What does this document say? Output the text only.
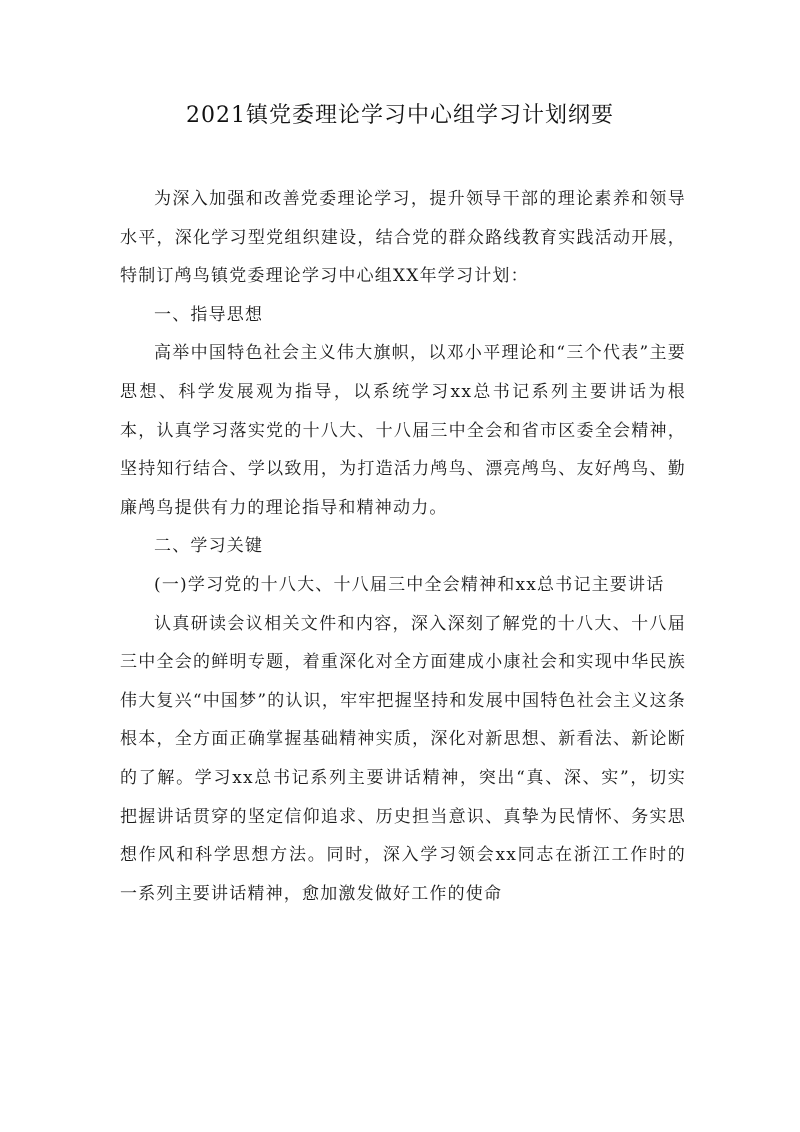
2021镇党委理论学习中心组学习计划纲要

为深入加强和改善党委理论学习，提升领导干部的理论素养和领导水平，深化学习型党组织建设，结合党的群众路线教育实践活动开展，特制订鸬鸟镇党委理论学习中心组XX年学习计划：

一、指导思想

高举中国特色社会主义伟大旗帜，以邓小平理论和“三个代表”主要思想、科学发展观为指导，以系统学习xx总书记系列主要讲话为根本，认真学习落实党的十八大、十八届三中全会和省市区委全会精神，坚持知行结合、学以致用，为打造活力鸬鸟、漂亮鸬鸟、友好鸬鸟、勤廉鸬鸟提供有力的理论指导和精神动力。

二、学习关键

(一)学习党的十八大、十八届三中全会精神和xx总书记主要讲话

认真研读会议相关文件和内容，深入深刻了解党的十八大、十八届三中全会的鲜明专题，着重深化对全方面建成小康社会和实现中华民族伟大复兴“中国梦”的认识，牢牢把握坚持和发展中国特色社会主义这条根本，全方面正确掌握基础精神实质，深化对新思想、新看法、新论断的了解。学习xx总书记系列主要讲话精神，突出“真、深、实”，切实把握讲话贯穿的坚定信仰追求、历史担当意识、真挚为民情怀、务实思想作风和科学思想方法。同时，深入学习领会xx同志在浙江工作时的一系列主要讲话精神，愈加激发做好工作的使命
